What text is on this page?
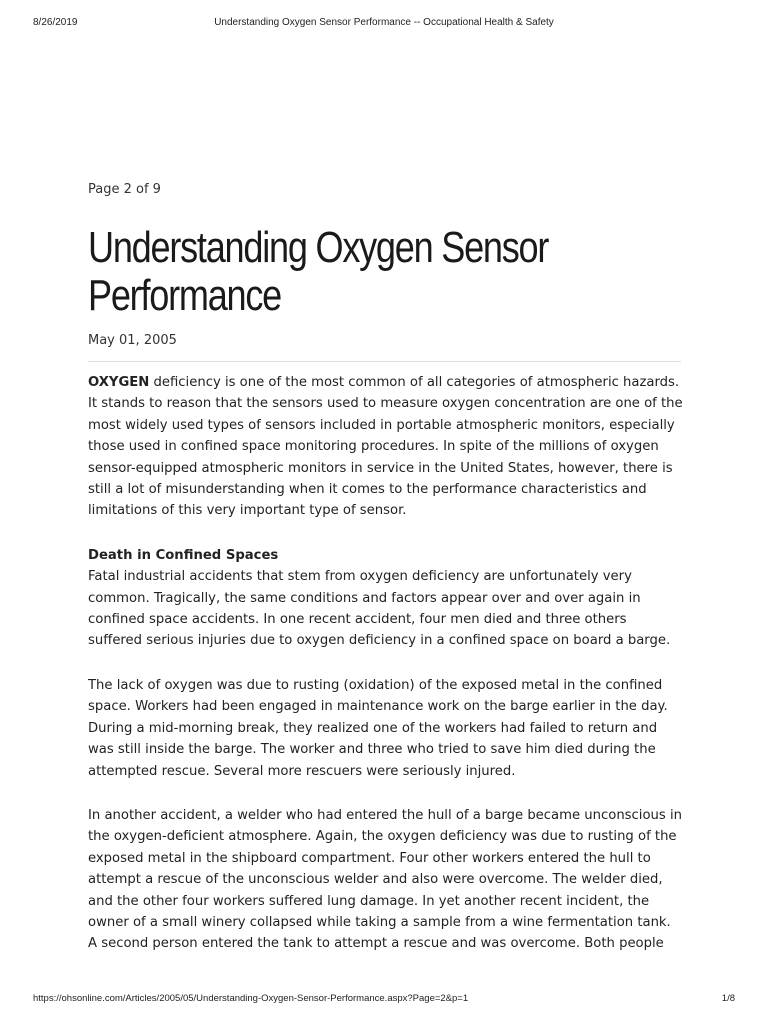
8/26/2019	Understanding Oxygen Sensor Performance -- Occupational Health & Safety
Page 2 of 9
Understanding Oxygen Sensor Performance
May 01, 2005

OXYGEN deficiency is one of the most common of all categories of atmospheric hazards. It stands to reason that the sensors used to measure oxygen concentration are one of the most widely used types of sensors included in portable atmospheric monitors, especially those used in confined space monitoring procedures. In spite of the millions of oxygen sensor-equipped atmospheric monitors in service in the United States, however, there is still a lot of misunderstanding when it comes to the performance characteristics and limitations of this very important type of sensor.

Death in Confined Spaces
Fatal industrial accidents that stem from oxygen deficiency are unfortunately very common. Tragically, the same conditions and factors appear over and over again in confined space accidents. In one recent accident, four men died and three others suffered serious injuries due to oxygen deficiency in a confined space on board a barge.

The lack of oxygen was due to rusting (oxidation) of the exposed metal in the confined space. Workers had been engaged in maintenance work on the barge earlier in the day. During a mid-morning break, they realized one of the workers had failed to return and was still inside the barge. The worker and three who tried to save him died during the attempted rescue. Several more rescuers were seriously injured.

In another accident, a welder who had entered the hull of a barge became unconscious in the oxygen-deficient atmosphere. Again, the oxygen deficiency was due to rusting of the exposed metal in the shipboard compartment. Four other workers entered the hull to attempt a rescue of the unconscious welder and also were overcome. The welder died, and the other four workers suffered lung damage. In yet another recent incident, the owner of a small winery collapsed while taking a sample from a wine fermentation tank. A second person entered the tank to attempt a rescue and was overcome. Both people

https://ohsonline.com/Articles/2005/05/Understanding-Oxygen-Sensor-Performance.aspx?Page=2&p=1	1/8
